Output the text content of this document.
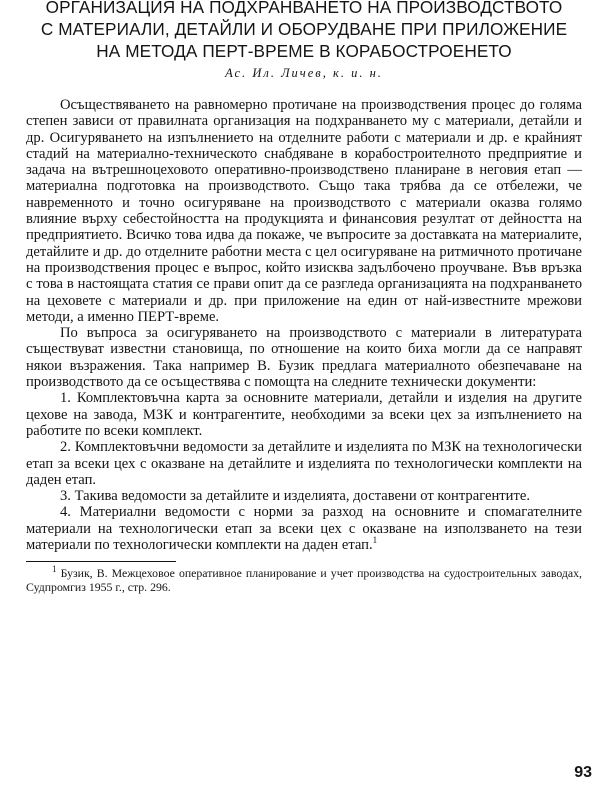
ОРГАНИЗАЦИЯ НА ПОДХРАНВАНЕТО НА ПРОИЗВОДСТВОТО
С МАТЕРИАЛИ, ДЕТАЙЛИ И ОБОРУДВАНЕ ПРИ ПРИЛОЖЕНИЕ
НА МЕТОДА ПЕРТ-ВРЕМЕ В КОРАБОСТРОЕНЕТО
Ас. Ил. Личев, к. и. н.

Осъществяването на равномерно протичане на производствения процес до голяма степен зависи от правилната организация на подхранването му с материали, детайли и др. Осигуряването на изпълнението на отделните работи с материали и др. е крайният стадий на материално-техническото снабдяване в корабостроителното предприятие и задача на вътрешноцеховото оперативно-производствено планиране в неговия етап — материална подготовка на производството. Също така трябва да се отбележи, че навременното и точно осигуряване на производството с материали оказва голямо влияние върху себестойността на продукцията и финансовия резултат от дейността на предприятието. Всичко това идва да покаже, че въпросите за доставката на материалите, детайлите и др. до отделните работни места с цел осигуряване на ритмичното протичане на производствения процес е въпрос, който изисква задълбочено проучване. Във връзка с това в настоящата статия се прави опит да се разгледа организацията на подхранването на цеховете с материали и др. при приложение на един от най-известните мрежови методи, а именно ПЕРТ-време.

По въпроса за осигуряването на производството с материали в литературата съществуват известни становища, по отношение на които биха могли да се направят някои възражения. Така например В. Бузик предлага материалното обезпечаване на производството да се осъществява с помощта на следните технически документи:

1. Комплектовъчна карта за основните материали, детайли и изделия на другите цехове на завода, МЗК и контрагентите, необходими за всеки цех за изпълнението на работите по всеки комплект.

2. Комплектовъчни ведомости за детайлите и изделията по МЗК на технологически етап за всеки цех с оказване на детайлите и изделията по технологически комплекти на даден етап.

3. Такива ведомости за детайлите и изделията, доставени от контрагентите.

4. Материални ведомости с норми за разход на основните и спомагателните материали на технологически етап за всеки цех с оказване на използването на тези материали по технологически комплекти на даден етап.$^1$

$^1$ Бузик, В. Межцеховое оперативное планирование и учет производства на судостроительных заводах, Судпромгиз 1955 г., стр. 296.
93
